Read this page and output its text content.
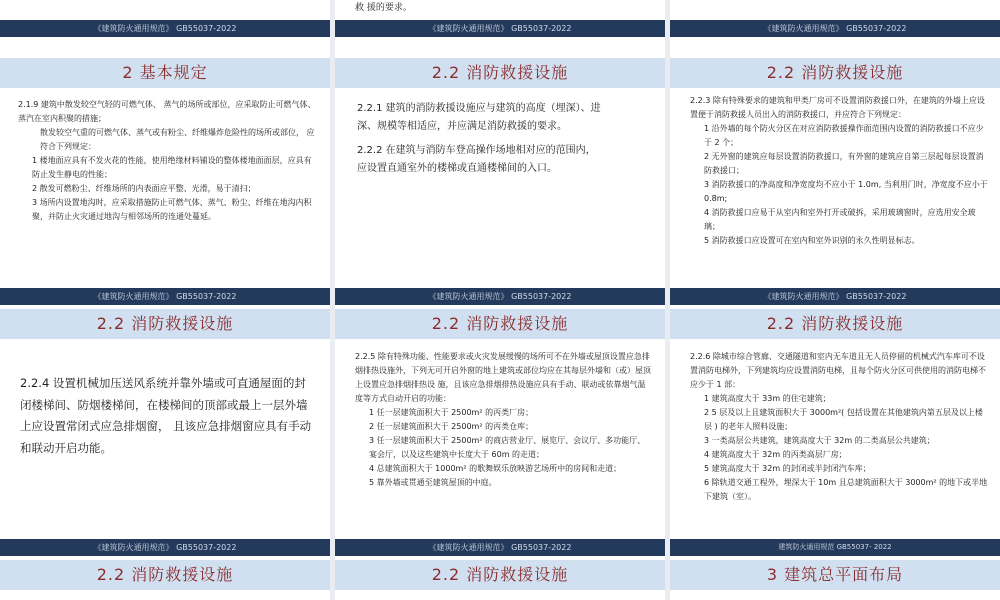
《建筑防火通用规范》 GB55037-2022
救 援的要求。
《建筑防火通用规范》 GB55037-2022	《建筑防火通用规范》 GB55037-2022
2 基本规定

2.1.9 建筑中散发较空气轻的可燃气体、 蒸气的场所或部位，应采取防止可燃气体、蒸汽在室内积聚的措施；

散发较空气重的可燃气体、蒸气或有粉尘、纤维爆炸危险性的场所或部位， 应符合下列规定：

1 楼地面应具有不发火花的性能，使用绝缘材料铺设的整体楼地面面层，应具有防止发生静电的性能；

2 散发可燃粉尘、纤维场所的内表面应平整、光滑，易于清扫；

3 场所内设置地沟时，应采取措施防止可燃气体、蒸气、粉尘、纤维在地沟内积聚，并防止火灾通过地沟与相邻场所的连通处蔓延。

2.2 消防救援设施

2.2.1 建筑的消防救援设施应与建筑的高度（埋深）、进

深、规模等相适应，并应满足消防救援的要求。

2.2.2 在建筑与消防车登高操作场地相对应的范围内，

应设置直通室外的楼梯或直通楼梯间的入口。

2.2 消防救援设施

2.2.3 除有特殊要求的建筑和甲类厂房可不设置消防救援口外，在建筑的外墙上应设置便于消防救援人员出入的消防救援口，并应符合下列规定：

1 沿外墙的每个防火分区在对应消防救援操作面范围内设置的消防救援口不应少于 2 个；

2 无外窗的建筑应每层设置消防救援口，有外窗的建筑应自第三层起每层设置消防救援口；

3 消防救援口的净高度和净宽度均不应小于 1.0m, 当利用门时，净宽度不应小于 0.8m;

4 消防救援口应易于从室内和室外打开或破拆，采用玻璃窗时，应选用安全玻璃；

5 消防救援口应设置可在室内和室外识别的永久性明显标志。

《建筑防火通用规范》 GB55037-2022
2.2 消防救援设施

2.2.4 设置机械加压送风系统并靠外墙或可直通屋面的封闭楼梯间、防烟楼梯间，在楼梯间的顶部或最上一层外墙上应设置常闭式应急排烟窗， 且该应急排烟窗应具有手动和联动开启功能。

《建筑防火通用规范》 GB55037-2022
2.2 消防救援设施

2.2.5 除有特殊功能、性能要求或火灾发展缓慢的场所可不在外墙或屋顶设置应急排烟排热设施外，下列无可开启外窗的地上建筑或部位均应在其每层外墙和（或）屋顶上设置应急排烟排热设 施，且该应急排烟排热设施应具有手动、联动或依靠烟气温度等方式自动开启的功能：

1 任一层建筑面积大于 2500m² 的丙类厂房；

2 任一层建筑面积大于 2500m² 的丙类仓库；

3 任一层建筑面积大于 2500m² 的商店营业厅、展览厅、会议厅、多功能厅、宴会厅，以及这些建筑中长度大于 60m 的走道；

4 总建筑面积大于 1000m² 的歌舞娱乐放映游艺场所中的房间和走道；

5 靠外墙或贯通至建筑屋顶的中庭。

《建筑防火通用规范》 GB55037-2022
2.2 消防救援设施

2.2.6 除城市综合管廊、交通隧道和室内无车道且无人员停留的机械式汽车库可不设置消防电梯外，下列建筑均应设置消防电梯，且每个防火分区可供使用的消防电梯不应少于 1 部：

1 建筑高度大于 33m 的住宅建筑；

2 5 层及以上且建筑面积大于 3000m²( 包括设置在其他建筑内第五层及以上楼层 ) 的老年人照料设施；

3 一类高层公共建筑，建筑高度大于 32m 的二类高层公共建筑；

4 建筑高度大于 32m 的丙类高层厂房；

5 建筑高度大于 32m 的封闭或半封闭汽车库；

6 除轨道交通工程外，埋深大于 10m 且总建筑面积大于 3000m² 的地下或半地下建筑（室）。

《建筑防火通用规范》 GB55037-2022
2.2 消防救援设施
《建筑防火通用规范》 GB55037-2022
2.2 消防救援设施
建筑防火通用规范 GB55037- 2022
3 建筑总平面布局
